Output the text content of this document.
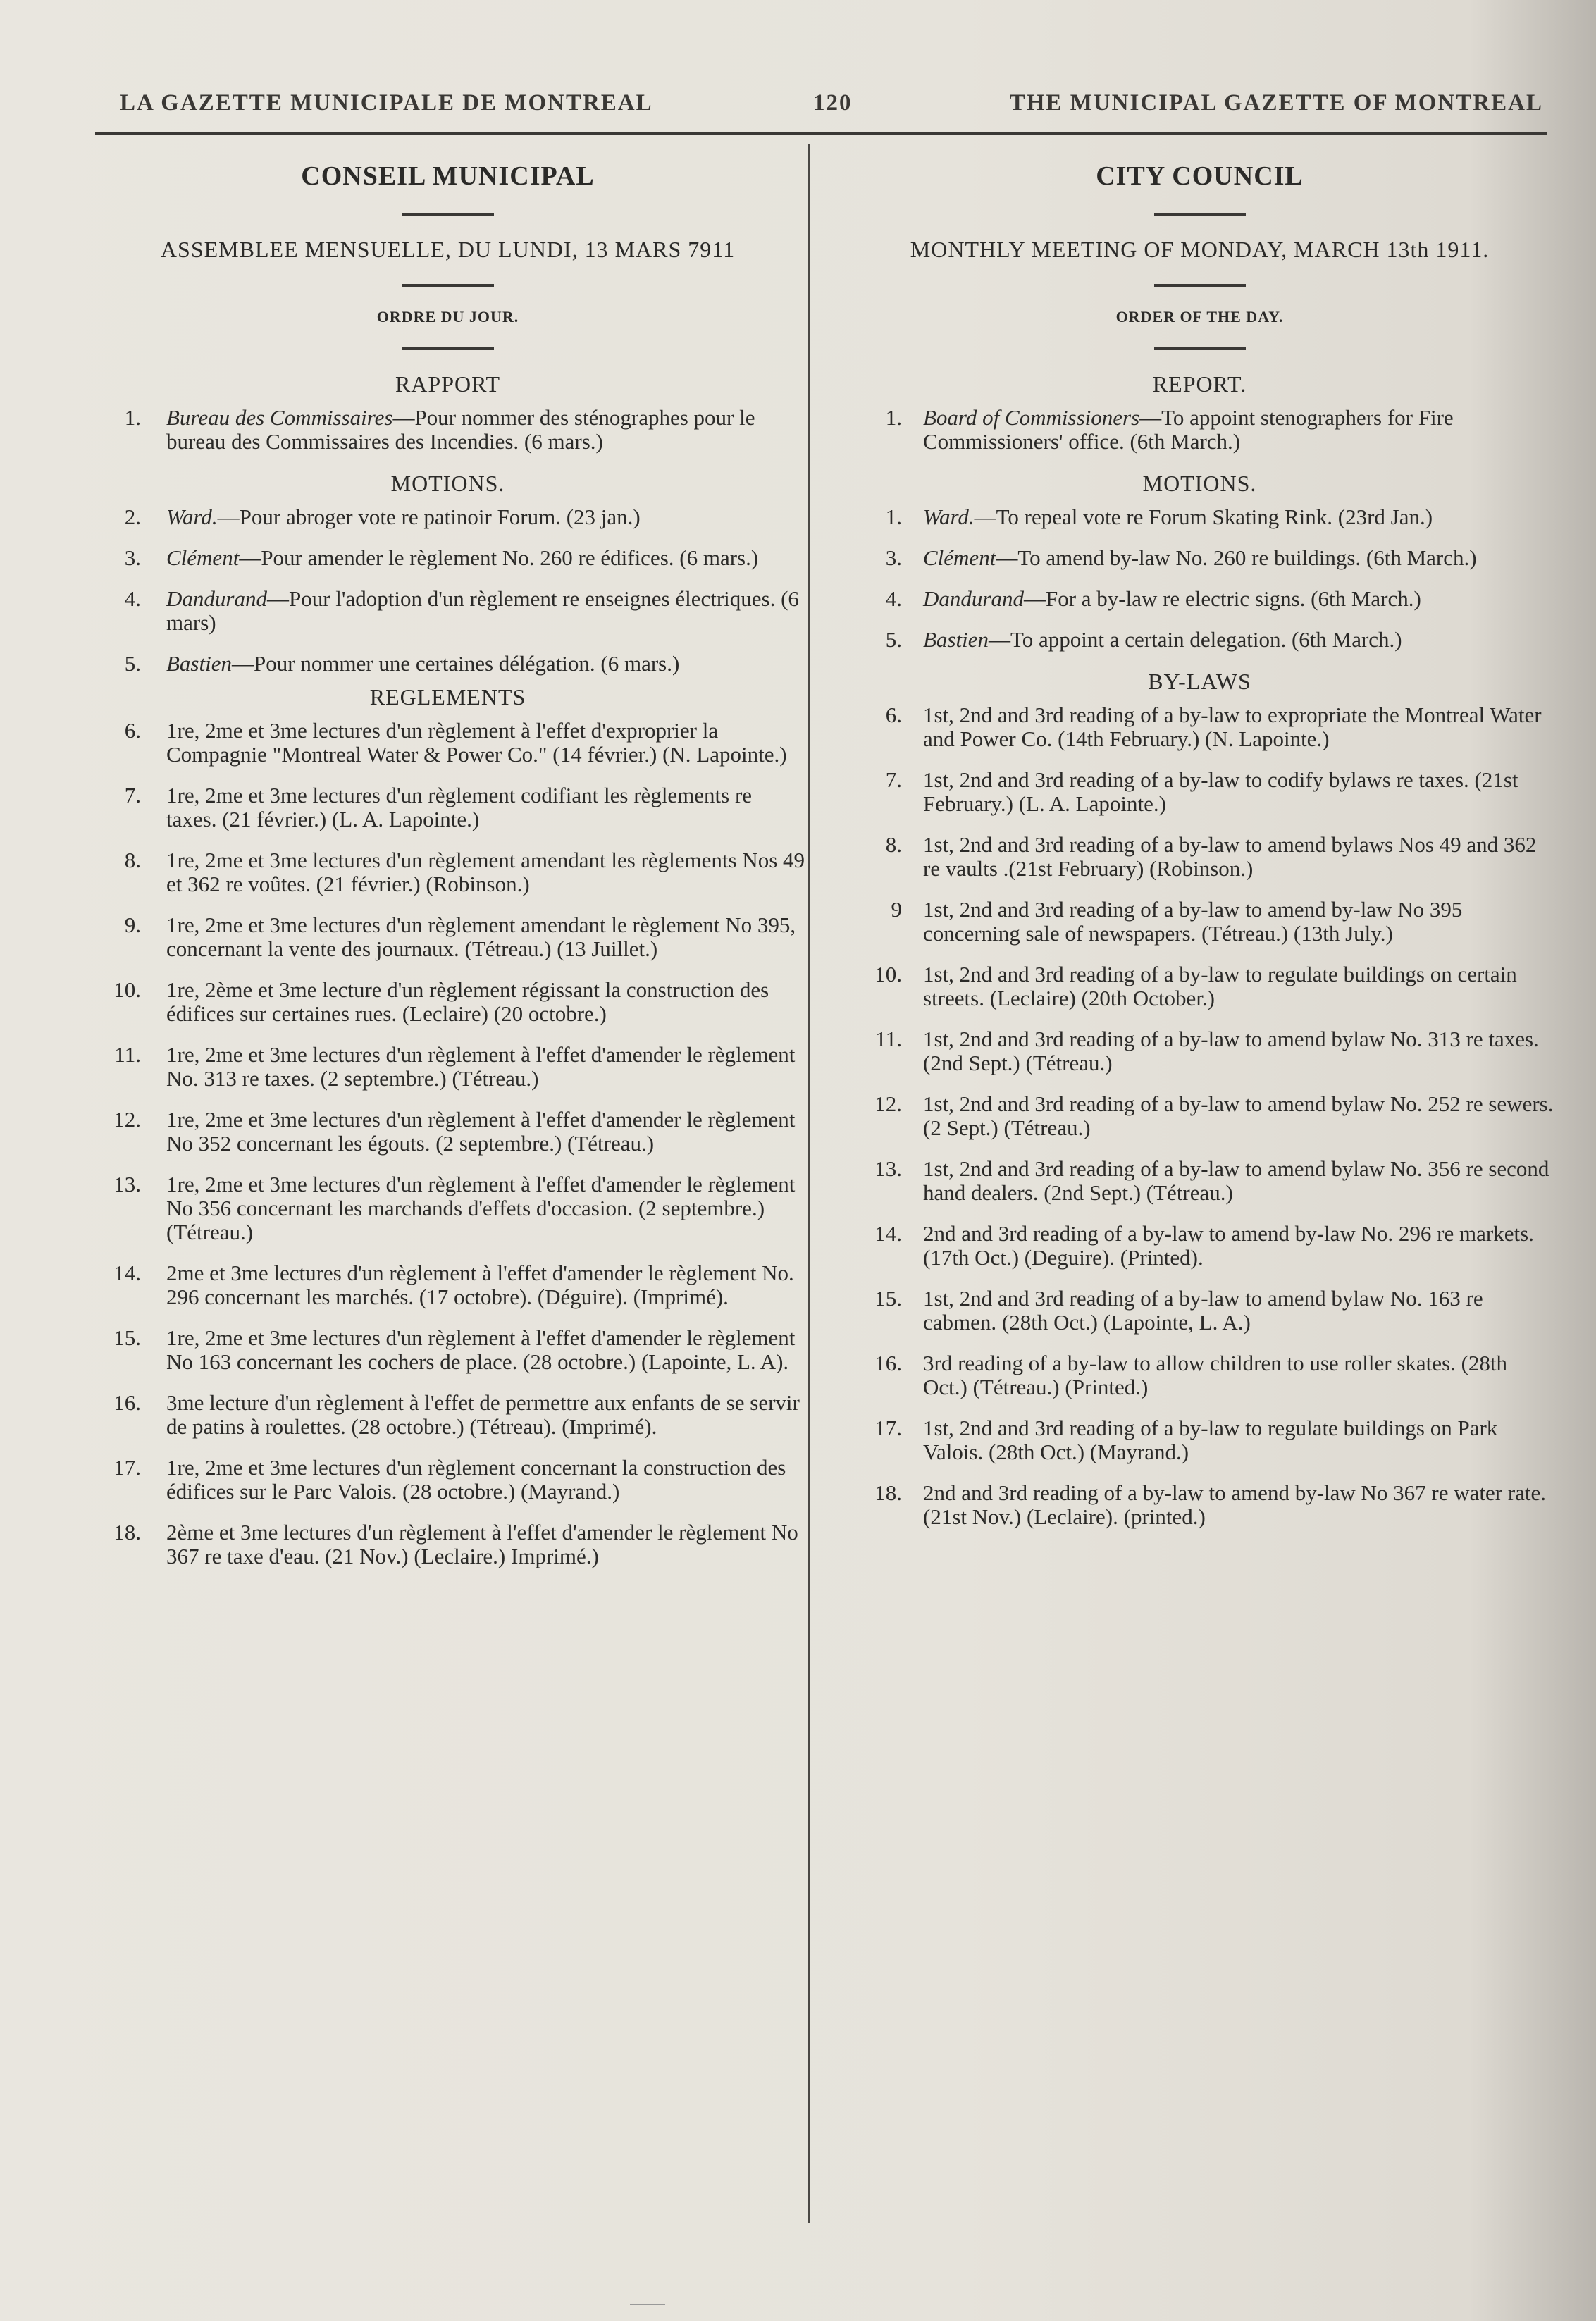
LA GAZETTE MUNICIPALE DE MONTREAL	120	THE MUNICIPAL GAZETTE OF MONTREAL
CONSEIL MUNICIPAL
ASSEMBLEE MENSUELLE, DU LUNDI, 13 MARS 7911
ORDRE DU JOUR.
RAPPORT
1. Bureau des Commissaires—Pour nommer des sténographes pour le bureau des Commissaires des Incendies. (6 mars.)
MOTIONS.
2. Ward.—Pour abroger vote re patinoir Forum. (23 jan.)
3. Clément—Pour amender le règlement No. 260 re édifices. (6 mars.)
4. Dandurand—Pour l'adoption d'un règlement re enseignes électriques. (6 mars)
5. Bastien—Pour nommer une certaines délégation. (6 mars.)
REGLEMENTS
6. 1re, 2me et 3me lectures d'un règlement à l'effet d'exproprier la Compagnie "Montreal Water & Power Co." (14 février.) (N. Lapointe.)
7. 1re, 2me et 3me lectures d'un règlement codifiant les règlements re taxes. (21 février.) (L. A. Lapointe.)
8. 1re, 2me et 3me lectures d'un règlement amendant les règlements Nos 49 et 362 re voûtes. (21 février.) (Robinson.)
9. 1re, 2me et 3me lectures d'un règlement amendant le règlement No 395, concernant la vente des journaux. (Tétreau.) (13 Juillet.)
10. 1re, 2ème et 3me lecture d'un règlement régissant la construction des édifices sur certaines rues. (Leclaire) (20 octobre.)
11. 1re, 2me et 3me lectures d'un règlement à l'effet d'amender le règlement No. 313 re taxes. (2 septembre.) (Tétreau.)
12. 1re, 2me et 3me lectures d'un règlement à l'effet d'amender le règlement No 352 concernant les égouts. (2 septembre.) (Tétreau.)
13. 1re, 2me et 3me lectures d'un règlement à l'effet d'amender le règlement No 356 concernant les marchands d'effets d'occasion. (2 septembre.) (Tétreau.)
14. 2me et 3me lectures d'un règlement à l'effet d'amender le règlement No. 296 concernant les marchés. (17 octobre). (Déguire). (Imprimé).
15. 1re, 2me et 3me lectures d'un règlement à l'effet d'amender le règlement No 163 concernant les cochers de place. (28 octobre.) (Lapointe, L. A).
16. 3me lecture d'un règlement à l'effet de permettre aux enfants de se servir de patins à roulettes. (28 octobre.) (Tétreau). (Imprimé).
17. 1re, 2me et 3me lectures d'un règlement concernant la construction des édifices sur le Parc Valois. (28 octobre.) (Mayrand.)
18. 2ème et 3me lectures d'un règlement à l'effet d'amender le règlement No 367 re taxe d'eau. (21 Nov.) (Leclaire.) Imprimé.)
CITY COUNCIL
MONTHLY MEETING OF MONDAY, MARCH 13th 1911.
ORDER OF THE DAY.
REPORT.
1. Board of Commissioners—To appoint stenographers for Fire Commissioners' office. (6th March.)
MOTIONS.
1. Ward.—To repeal vote re Forum Skating Rink. (23rd Jan.)
3. Clément—To amend by-law No. 260 re buildings. (6th March.)
4. Dandurand—For a by-law re electric signs. (6th March.)
5. Bastien—To appoint a certain delegation. (6th March.)
BY-LAWS
6. 1st, 2nd and 3rd reading of a by-law to expropriate the Montreal Water and Power Co. (14th February.) (N. Lapointe.)
7. 1st, 2nd and 3rd reading of a by-law to codify bylaws re taxes. (21st February.) (L. A. Lapointe.)
8. 1st, 2nd and 3rd reading of a by-law to amend bylaws Nos 49 and 362 re vaults .(21st February) (Robinson.)
9 1st, 2nd and 3rd reading of a by-law to amend by-law No 395 concerning sale of newspapers. (Tétreau.) (13th July.)
10. 1st, 2nd and 3rd reading of a by-law to regulate buildings on certain streets. (Leclaire) (20th October.)
11. 1st, 2nd and 3rd reading of a by-law to amend bylaw No. 313 re taxes. (2nd Sept.) (Tétreau.)
12. 1st, 2nd and 3rd reading of a by-law to amend bylaw No. 252 re sewers. (2 Sept.) (Tétreau.)
13. 1st, 2nd and 3rd reading of a by-law to amend bylaw No. 356 re second hand dealers. (2nd Sept.) (Tétreau.)
14. 2nd and 3rd reading of a by-law to amend by-law No. 296 re markets. (17th Oct.) (Deguire). (Printed).
15. 1st, 2nd and 3rd reading of a by-law to amend bylaw No. 163 re cabmen. (28th Oct.) (Lapointe, L. A.)
16. 3rd reading of a by-law to allow children to use roller skates. (28th Oct.) (Tétreau.) (Printed.)
17. 1st, 2nd and 3rd reading of a by-law to regulate buildings on Park Valois. (28th Oct.) (Mayrand.)
18. 2nd and 3rd reading of a by-law to amend by-law No 367 re water rate. (21st Nov.) (Leclaire). (printed.)
